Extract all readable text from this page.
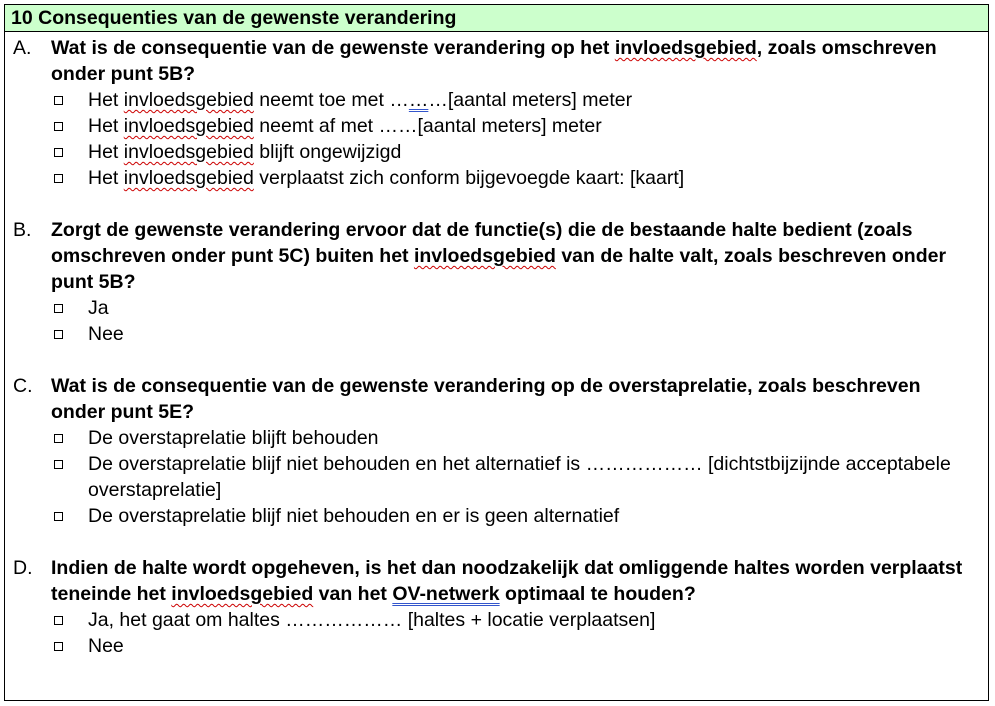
10 Consequenties van de gewenste verandering
A. Wat is de consequentie van de gewenste verandering op het invloedsgebied, zoals omschreven onder punt 5B?
Het invloedsgebied neemt toe met ………[aantal meters] meter
Het invloedsgebied neemt af met ……[aantal meters] meter
Het invloedsgebied blijft ongewijzigd
Het invloedsgebied verplaatst zich conform bijgevoegde kaart: [kaart]
B. Zorgt de gewenste verandering ervoor dat de functie(s) die de bestaande halte bedient (zoals omschreven onder punt 5C) buiten het invloedsgebied van de halte valt, zoals beschreven onder punt 5B?
Ja
Nee
C. Wat is de consequentie van de gewenste verandering op de overstaprelatie, zoals beschreven onder punt 5E?
De overstaprelatie blijft behouden
De overstaprelatie blijf niet behouden en het alternatief is ……………… [dichtstbijzijnde acceptabele overstaprelatie]
De overstaprelatie blijf niet behouden en er is geen alternatief
D. Indien de halte wordt opgeheven, is het dan noodzakelijk dat omliggende haltes worden verplaatst teneinde het invloedsgebied van het OV-netwerk optimaal te houden?
Ja, het gaat om haltes ……………… [haltes + locatie verplaatsen]
Nee
